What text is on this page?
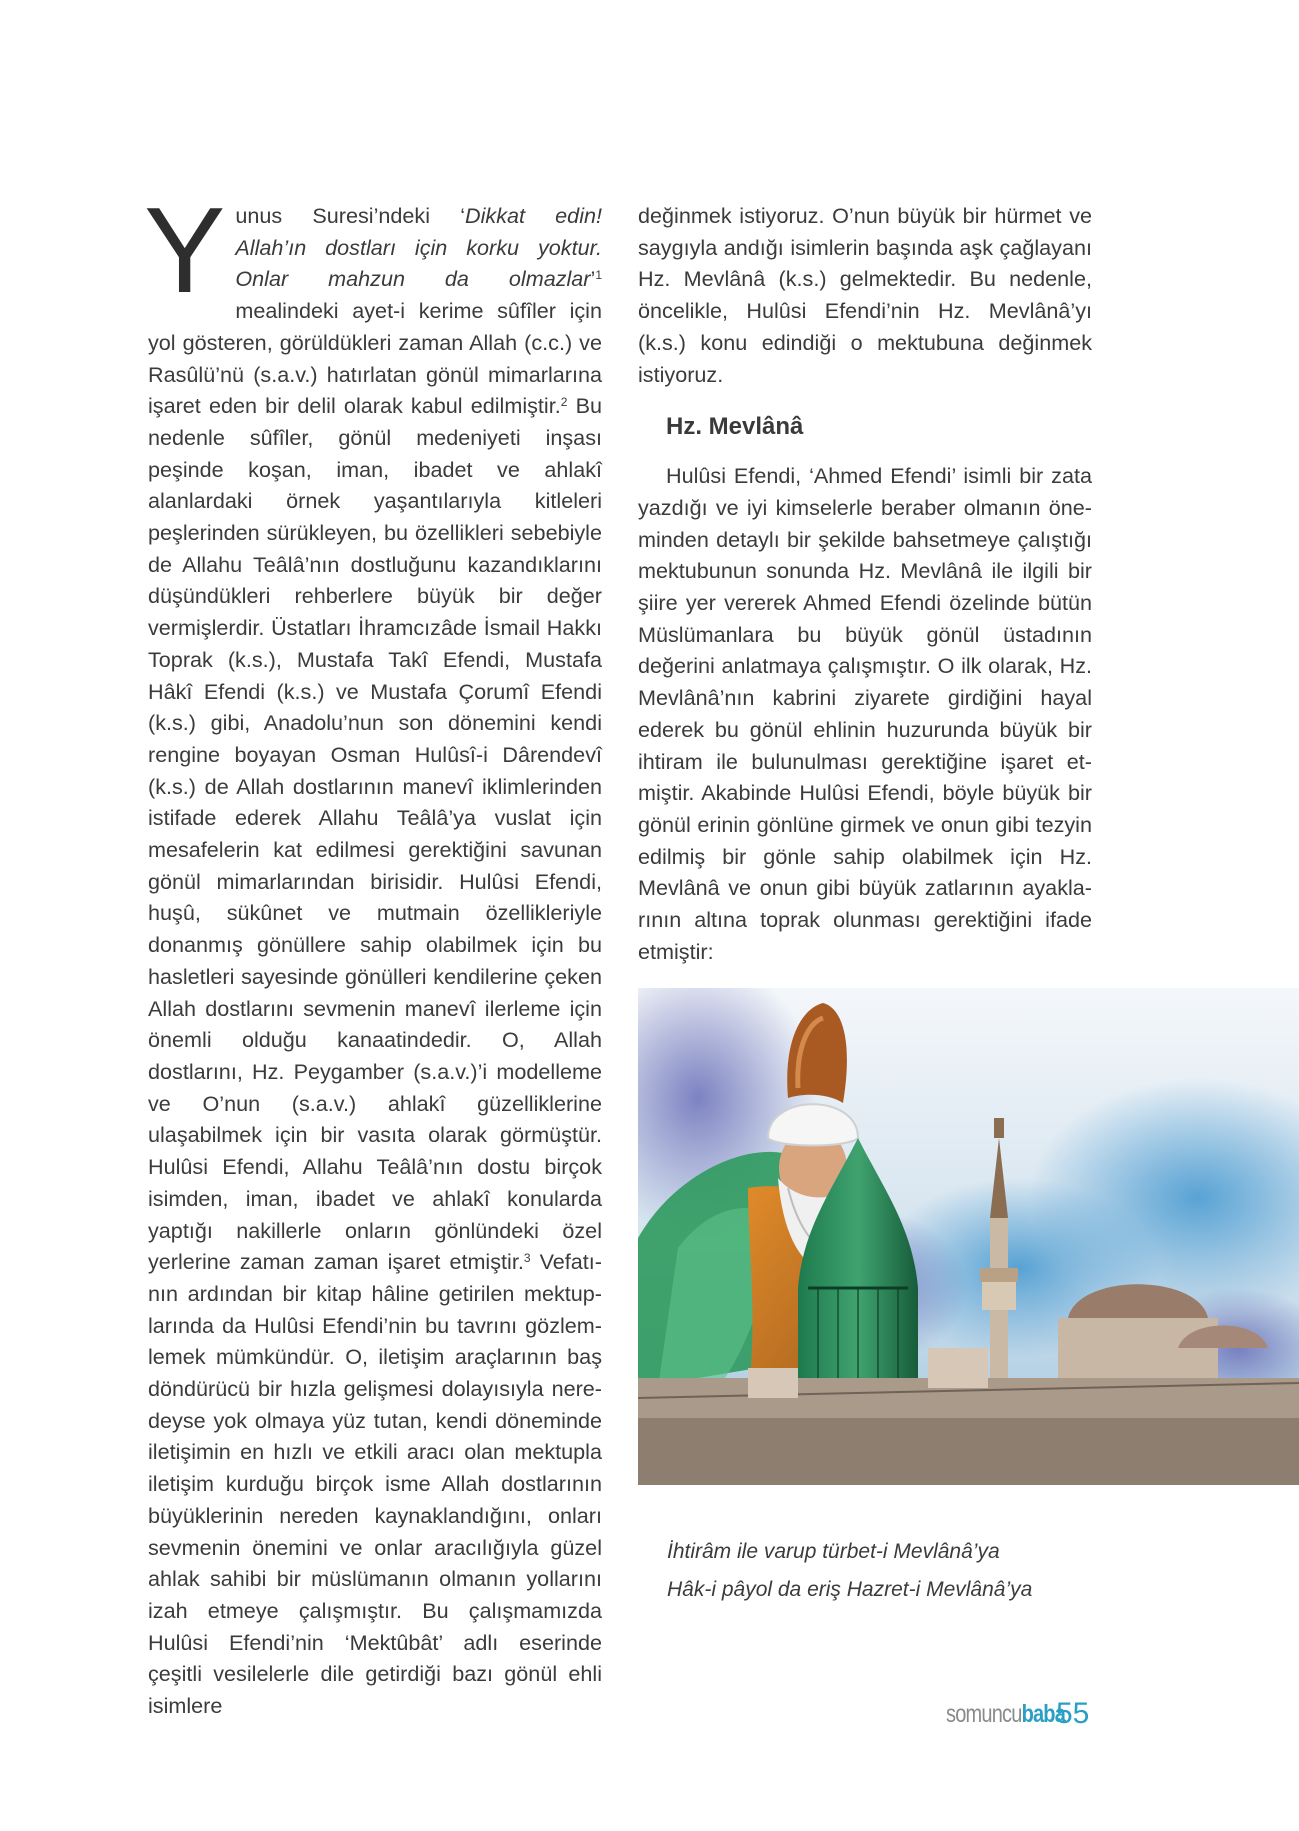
Yunus Suresi’ndeki ‘Dikkat edin! Allah’ın dostları için korku yoktur. Onlar mahzun da olmazlar’$^1$ mealindeki ayet-i kerime sûfîler için yol gösteren, görüldükleri zaman Allah (c.c.) ve Rasûlü’nü (s.a.v.) hatırlatan gönül mimarlarına işaret eden bir delil olarak kabul edilmiştir.$^2$ Bu nedenle sûfîler, gönül medeniyeti inşası peşinde koşan, iman, ibadet ve ahlakî alanlardaki örnek yaşantılarıyla kitleleri peşlerinden sürükleyen, bu özellikleri sebebiyle de Allahu Teâlâ’nın dostluğunu kazandıklarını düşündükleri rehberlere büyük bir değer vermişlerdir. Üstatları İhramcızâde İsmail Hakkı Toprak (k.s.), Mustafa Takî Efendi, Mustafa Hâkî Efendi (k.s.) ve Mustafa Çorumî Efendi (k.s.) gibi, Anadolu’nun son dönemini kendi rengine boyayan Osman Hulûsî-i Dârendevî (k.s.) de Allah dostlarının manevî iklimlerinden istifade ederek Allahu Teâlâ’ya vuslat için mesafelerin kat edilmesi gerektiğini savunan gönül mimarlarından birisidir. Hulûsi Efendi, huşû, sükûnet ve mutmain özellikleriyle donanmış gönüllere sahip olabilmek için bu hasletleri sayesinde gönülleri kendilerine çeken Allah dostlarını sevmenin manevî ilerleme için önemli olduğu kanaatindedir. O, Allah dostlarını, Hz. Peygamber (s.a.v.)’i modelleme ve O’nun (s.a.v.) ahlakî güzelliklerine ulaşabilmek için bir vasıta olarak görmüştür. Hulûsi Efendi, Allahu Teâlâ’nın dostu birçok isimden, iman, ibadet ve ahlakî konularda yaptığı nakillerle onların gönlündeki özel yerlerine zaman zaman işaret etmiştir.$^3$ Vefatının ardından bir kitap hâline getirilen mektuplarında da Hulûsi Efendi’nin bu tavrını gözlemlemek mümkündür. O, iletişim araçlarının baş döndürücü bir hızla gelişmesi dolayısıyla neredeyse yok olmaya yüz tutan, kendi döneminde iletişimin en hızlı ve etkili aracı olan mektupla iletişim kurduğu birçok isme Allah dostlarının büyüklerinin nereden kaynaklandığını, onları sevmenin önemini ve onlar aracılığıyla güzel ahlak sahibi bir müslümanın olmanın yollarını izah etmeye çalışmıştır. Bu çalışmamızda Hulûsi Efendi’nin ‘Mektûbât’ adlı eserinde çeşitli vesilelerle dile getirdiği bazı gönül ehli isimlere

değinmek istiyoruz. O’nun büyük bir hürmet ve saygıyla andığı isimlerin başında aşk çağlayanı Hz. Mevlânâ (k.s.) gelmektedir. Bu nedenle, öncelikle, Hulûsi Efendi’nin Hz. Mevlânâ’yı (k.s.) konu edindiği o mektubuna değinmek istiyoruz.

Hz. Mevlânâ

Hulûsi Efendi, ‘Ahmed Efendi’ isimli bir zata yazdığı ve iyi kimselerle beraber olmanın öneminden detaylı bir şekilde bahsetmeye çalıştığı mektubunun sonunda Hz. Mevlânâ ile ilgili bir şiire yer vererek Ahmed Efendi özelinde bütün Müslümanlara bu büyük gönül üstadının değerini anlatmaya çalışmıştır. O ilk olarak, Hz. Mevlânâ’nın kabrini ziyarete girdiğini hayal ederek bu gönül ehlinin huzurunda büyük bir ihtiram ile bulunulması gerektiğine işaret etmiştir. Akabinde Hulûsi Efendi, böyle büyük bir gönül erinin gönlüne girmek ve onun gibi tezyin edilmiş bir gönle sahip olabilmek için Hz. Mevlânâ ve onun gibi büyük zatlarının ayaklarının altına toprak olunması gerektiğini ifade etmiştir:

İhtirâm ile varup türbet-i Mevlânâ’ya
Hâk-i pâyol da eriş Hazret-i Mevlânâ’ya
somuncubaba
55
